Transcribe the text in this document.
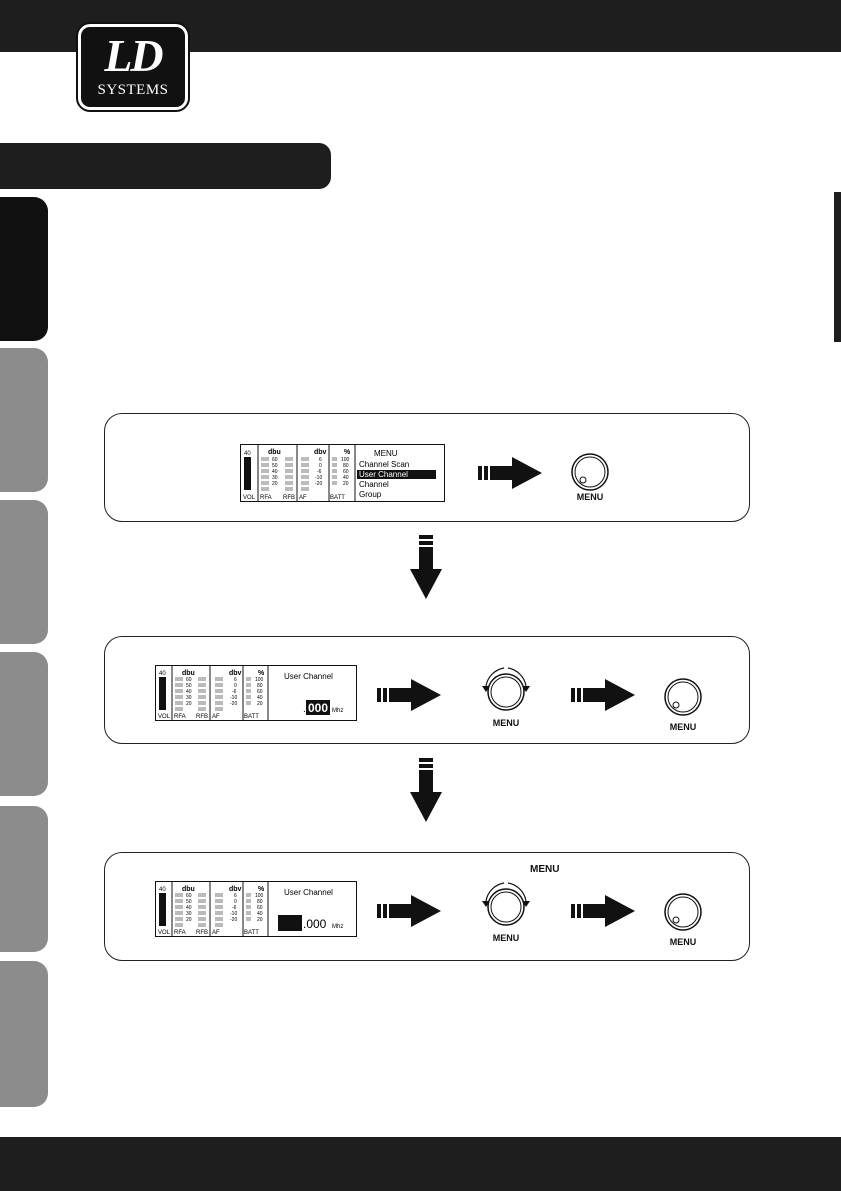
LD
SYSTEMS
40 dbu	dbv	%
60
50
40
30
20
6
0
-6
-10
-20
100
80
60
40
20
VOL RFA RFB AF	BATT
MENU
Channel Scan
User Channel
Channel
Group	MENU
40 dbu	dbv %
60
50
40
30
20
6
0
-6
-10
-20
100
80
60
40
20
VOL RFA RFB AF	BATT
User Channel
. 000 Mhz
MENU	MENU
MENU
40 dbu	dbv %
60
50
40
30
20
6
0
-6
-10
-20
100
80
60
40
20
VOL RFA RFB AF	BATT
User Channel
.000 Mhz
MENU	MENU
